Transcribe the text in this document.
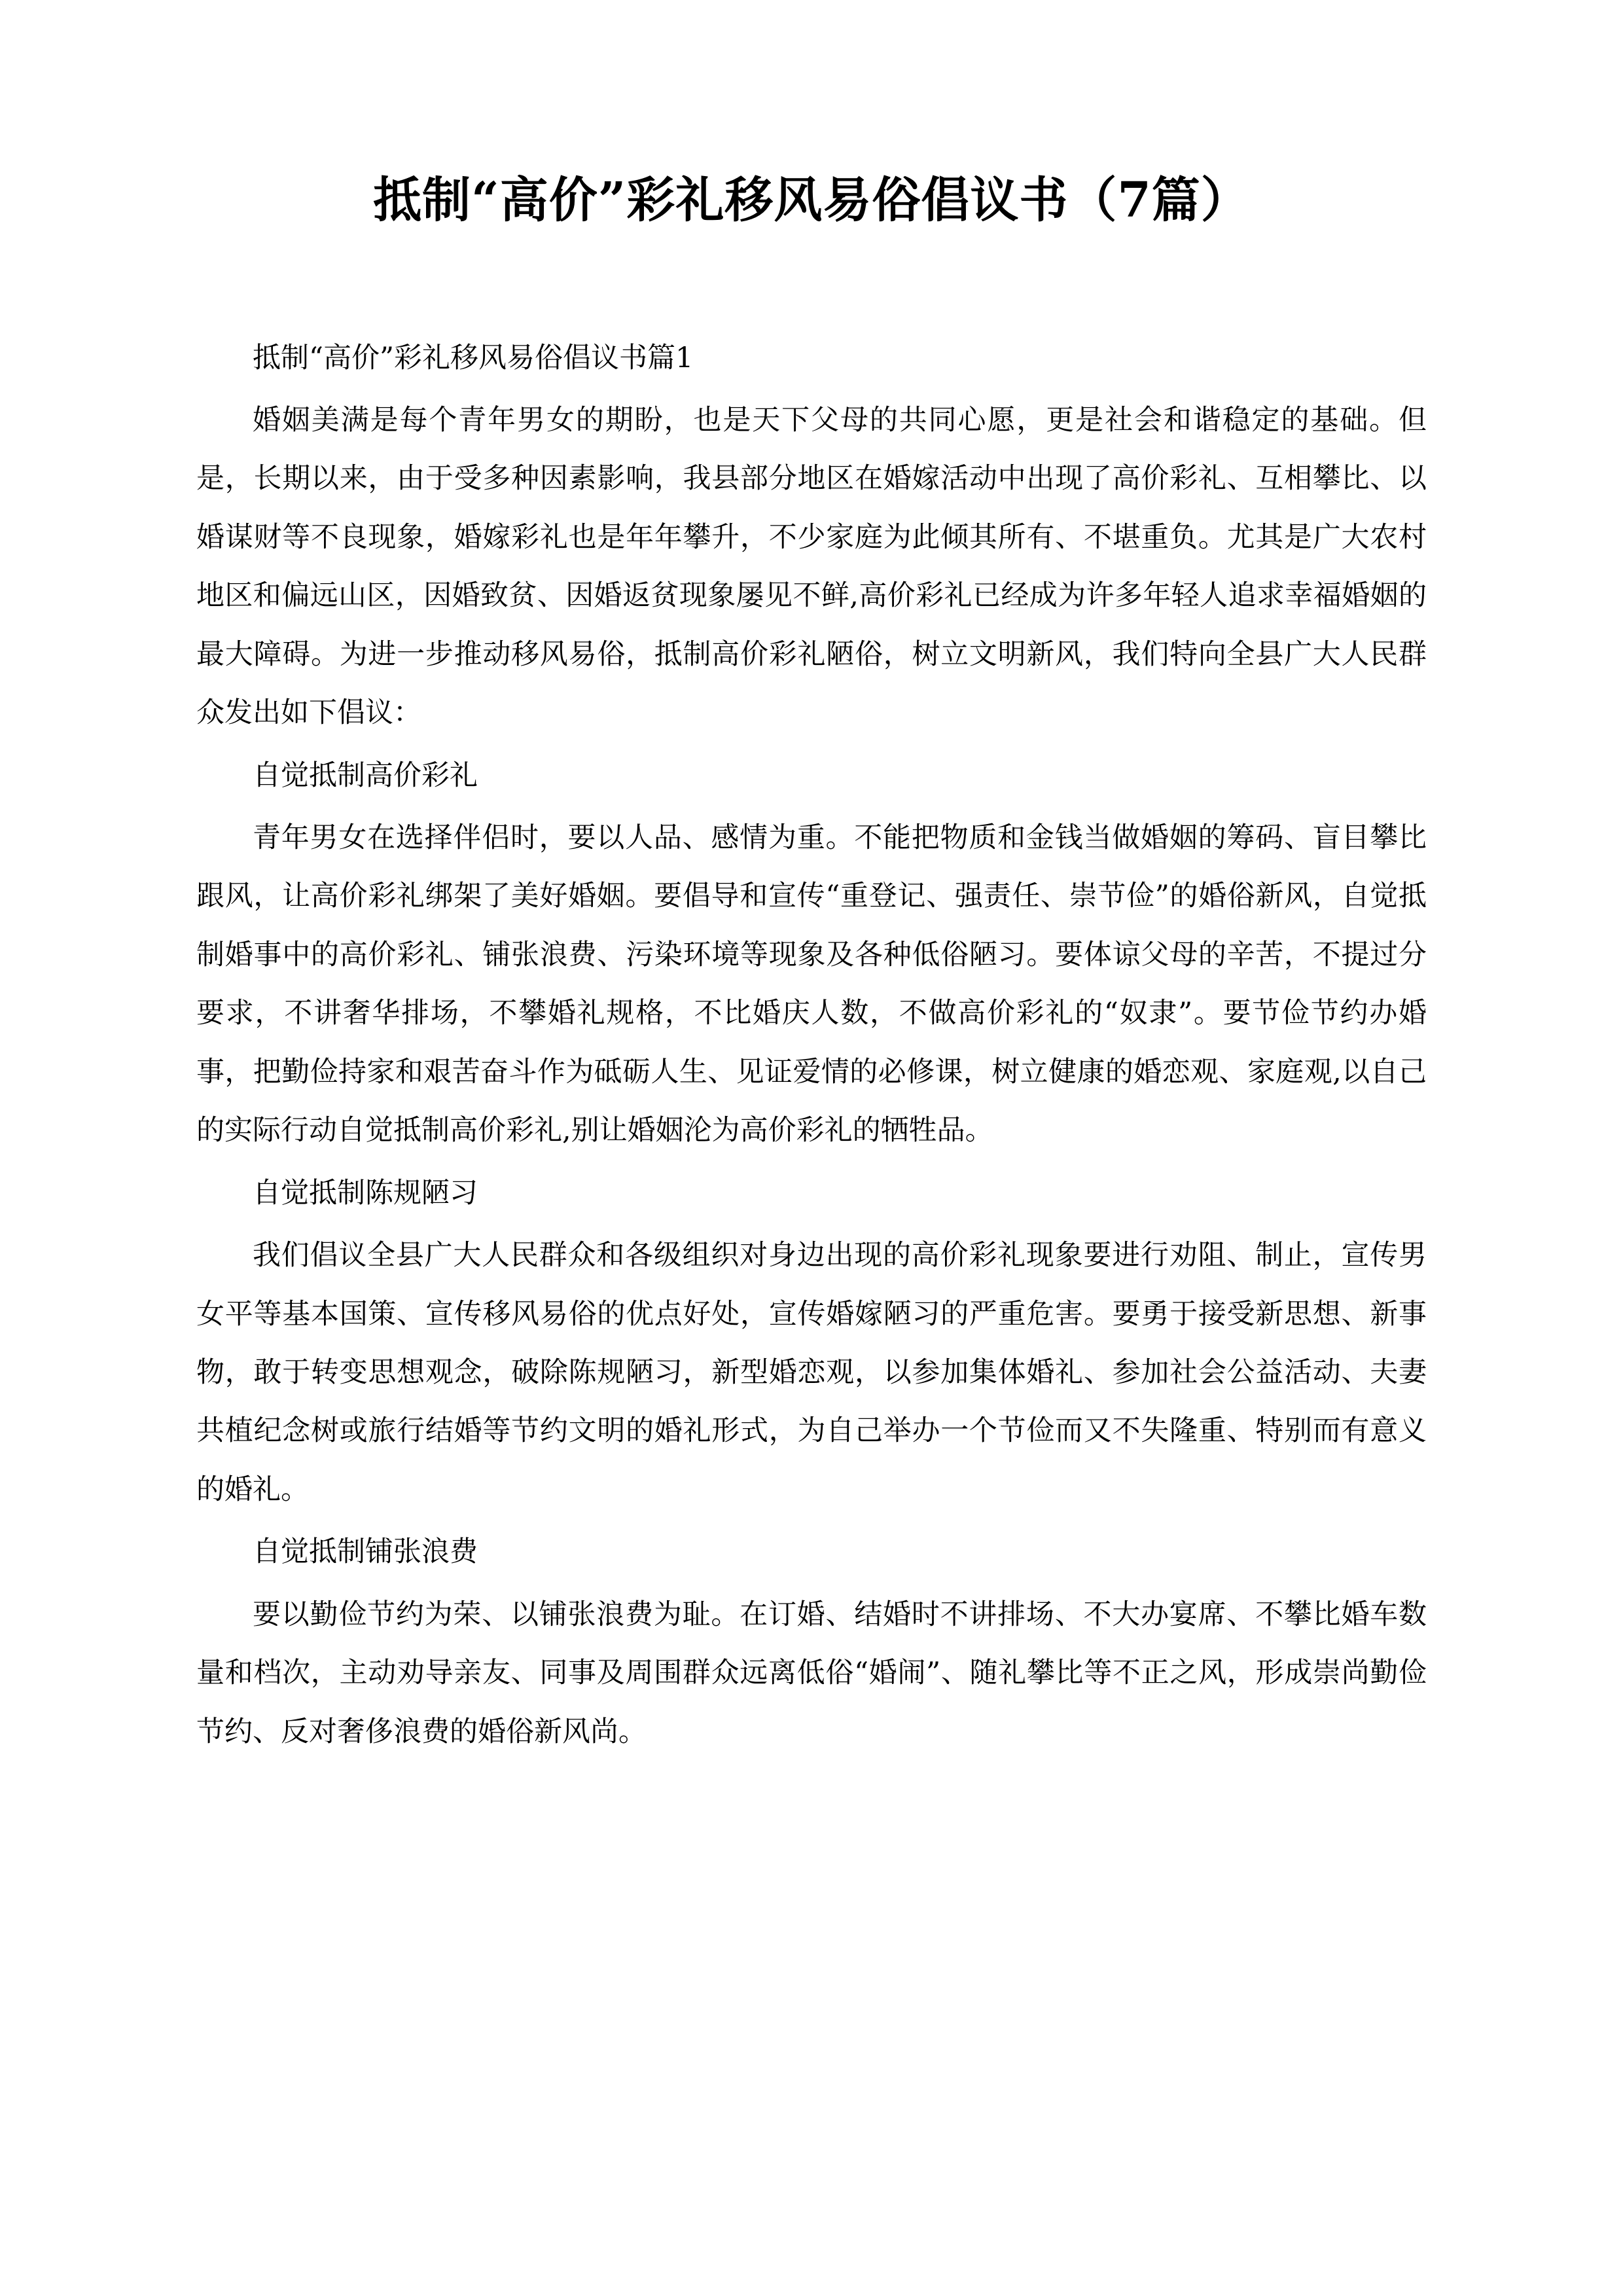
抵制“高价”彩礼移风易俗倡议书（7篇）

抵制“高价”彩礼移风易俗倡议书篇1

婚姻美满是每个青年男女的期盼，也是天下父母的共同心愿，更是社会和谐稳定的基础。但是，长期以来，由于受多种因素影响，我县部分地区在婚嫁活动中出现了高价彩礼、互相攀比、以婚谋财等不良现象，婚嫁彩礼也是年年攀升，不少家庭为此倾其所有、不堪重负。尤其是广大农村地区和偏远山区，因婚致贫、因婚返贫现象屡见不鲜,高价彩礼已经成为许多年轻人追求幸福婚姻的最大障碍。为进一步推动移风易俗，抵制高价彩礼陋俗，树立文明新风，我们特向全县广大人民群众发出如下倡议：

自觉抵制高价彩礼

青年男女在选择伴侣时，要以人品、感情为重。不能把物质和金钱当做婚姻的筹码、盲目攀比跟风，让高价彩礼绑架了美好婚姻。要倡导和宣传“重登记、强责任、崇节俭”的婚俗新风，自觉抵制婚事中的高价彩礼、铺张浪费、污染环境等现象及各种低俗陋习。要体谅父母的辛苦，不提过分要求，不讲奢华排场，不攀婚礼规格，不比婚庆人数，不做高价彩礼的“奴隶”。要节俭节约办婚事，把勤俭持家和艰苦奋斗作为砥砺人生、见证爱情的必修课，树立健康的婚恋观、家庭观,以自己的实际行动自觉抵制高价彩礼,别让婚姻沦为高价彩礼的牺牲品。

自觉抵制陈规陋习

我们倡议全县广大人民群众和各级组织对身边出现的高价彩礼现象要进行劝阻、制止，宣传男女平等基本国策、宣传移风易俗的优点好处，宣传婚嫁陋习的严重危害。要勇于接受新思想、新事物，敢于转变思想观念，破除陈规陋习，新型婚恋观，以参加集体婚礼、参加社会公益活动、夫妻共植纪念树或旅行结婚等节约文明的婚礼形式，为自己举办一个节俭而又不失隆重、特别而有意义的婚礼。

自觉抵制铺张浪费

要以勤俭节约为荣、以铺张浪费为耻。在订婚、结婚时不讲排场、不大办宴席、不攀比婚车数量和档次，主动劝导亲友、同事及周围群众远离低俗“婚闹”、随礼攀比等不正之风，形成崇尚勤俭节约、反对奢侈浪费的婚俗新风尚。
